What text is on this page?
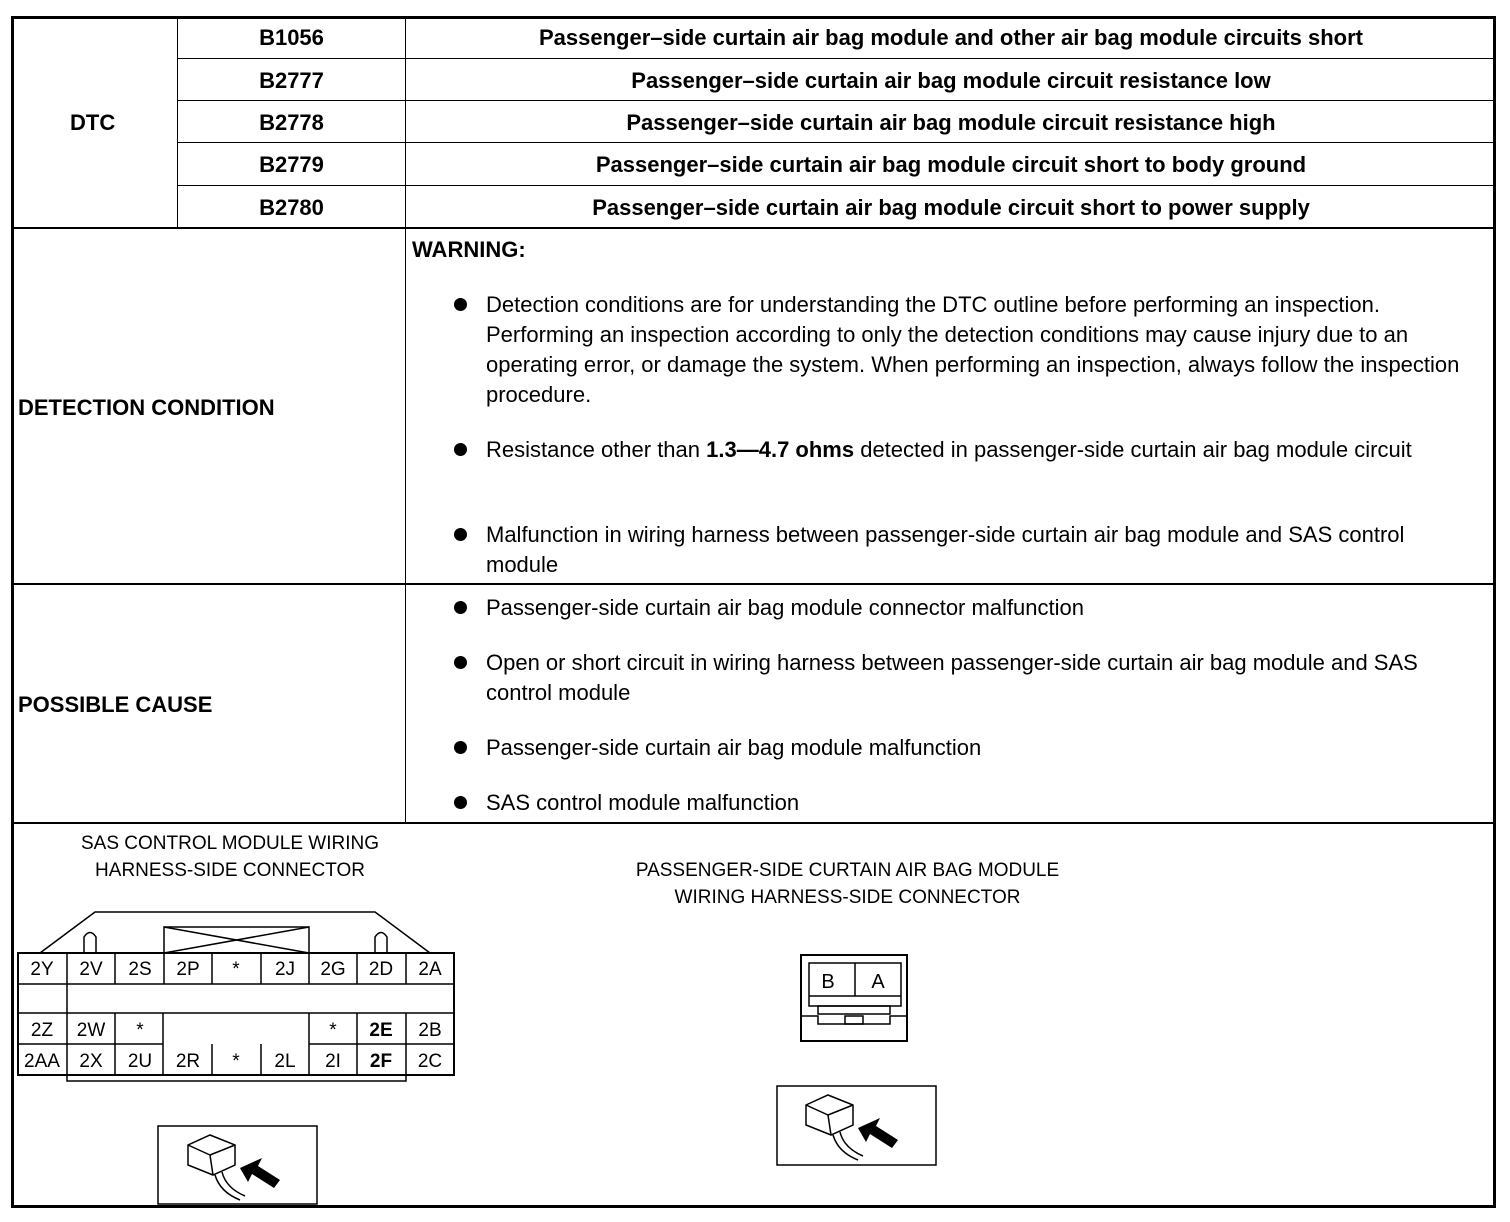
DTC
B1056	Passenger–side curtain air bag module and other air bag module circuits short
B2777	Passenger–side curtain air bag module circuit resistance low
B2778	Passenger–side curtain air bag module circuit resistance high
B2779	Passenger–side curtain air bag module circuit short to body ground
B2780	Passenger–side curtain air bag module circuit short to power supply
DETECTION CONDITION
WARNING:
Detection conditions are for understanding the DTC outline before performing an inspection. Performing an inspection according to only the detection conditions may cause injury due to an operating error, or damage the system. When performing an inspection, always follow the inspection procedure.
Resistance other than 1.3—4.7 ohms detected in passenger-side curtain air bag module circuit
Malfunction in wiring harness between passenger-side curtain air bag module and SAS control module
POSSIBLE CAUSE
Passenger-side curtain air bag module connector malfunction
Open or short circuit in wiring harness between passenger-side curtain air bag module and SAS control module
Passenger-side curtain air bag module malfunction
SAS control module malfunction
SAS CONTROL MODULE WIRING
HARNESS-SIDE CONNECTOR
2Y 2V 2S 2P * 2J 2G 2D 2A
2Z 2W *	* 2E 2B
2AA 2X 2U 2R * 2L 2I 2F 2C
B A
PASSENGER-SIDE CURTAIN AIR BAG MODULE
WIRING HARNESS-SIDE CONNECTOR
